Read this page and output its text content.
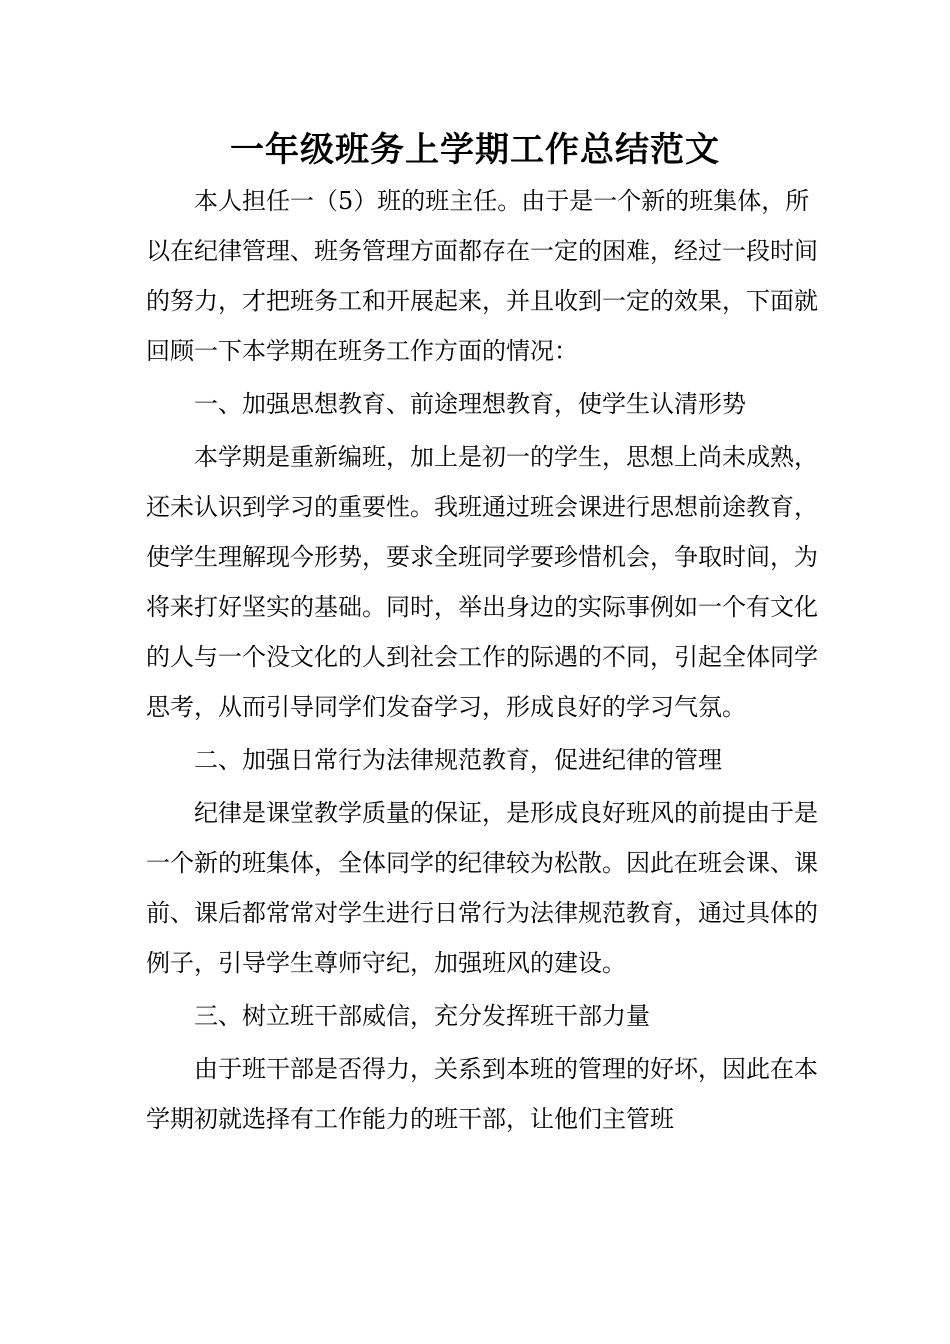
一年级班务上学期工作总结范文

本人担任一（5）班的班主任。由于是一个新的班集体，所以在纪律管理、班务管理方面都存在一定的困难，经过一段时间的努力，才把班务工和开展起来，并且收到一定的效果，下面就回顾一下本学期在班务工作方面的情况：

一、加强思想教育、前途理想教育，使学生认清形势

本学期是重新编班，加上是初一的学生，思想上尚未成熟，还未认识到学习的重要性。我班通过班会课进行思想前途教育，使学生理解现今形势，要求全班同学要珍惜机会，争取时间，为将来打好坚实的基础。同时，举出身边的实际事例如一个有文化的人与一个没文化的人到社会工作的际遇的不同，引起全体同学思考，从而引导同学们发奋学习，形成良好的学习气氛。

二、加强日常行为法律规范教育，促进纪律的管理

纪律是课堂教学质量的保证，是形成良好班风的前提由于是一个新的班集体，全体同学的纪律较为松散。因此在班会课、课前、课后都常常对学生进行日常行为法律规范教育，通过具体的例子，引导学生尊师守纪，加强班风的建设。

三、树立班干部威信，充分发挥班干部力量

由于班干部是否得力，关系到本班的管理的好坏，因此在本学期初就选择有工作能力的班干部，让他们主管班
